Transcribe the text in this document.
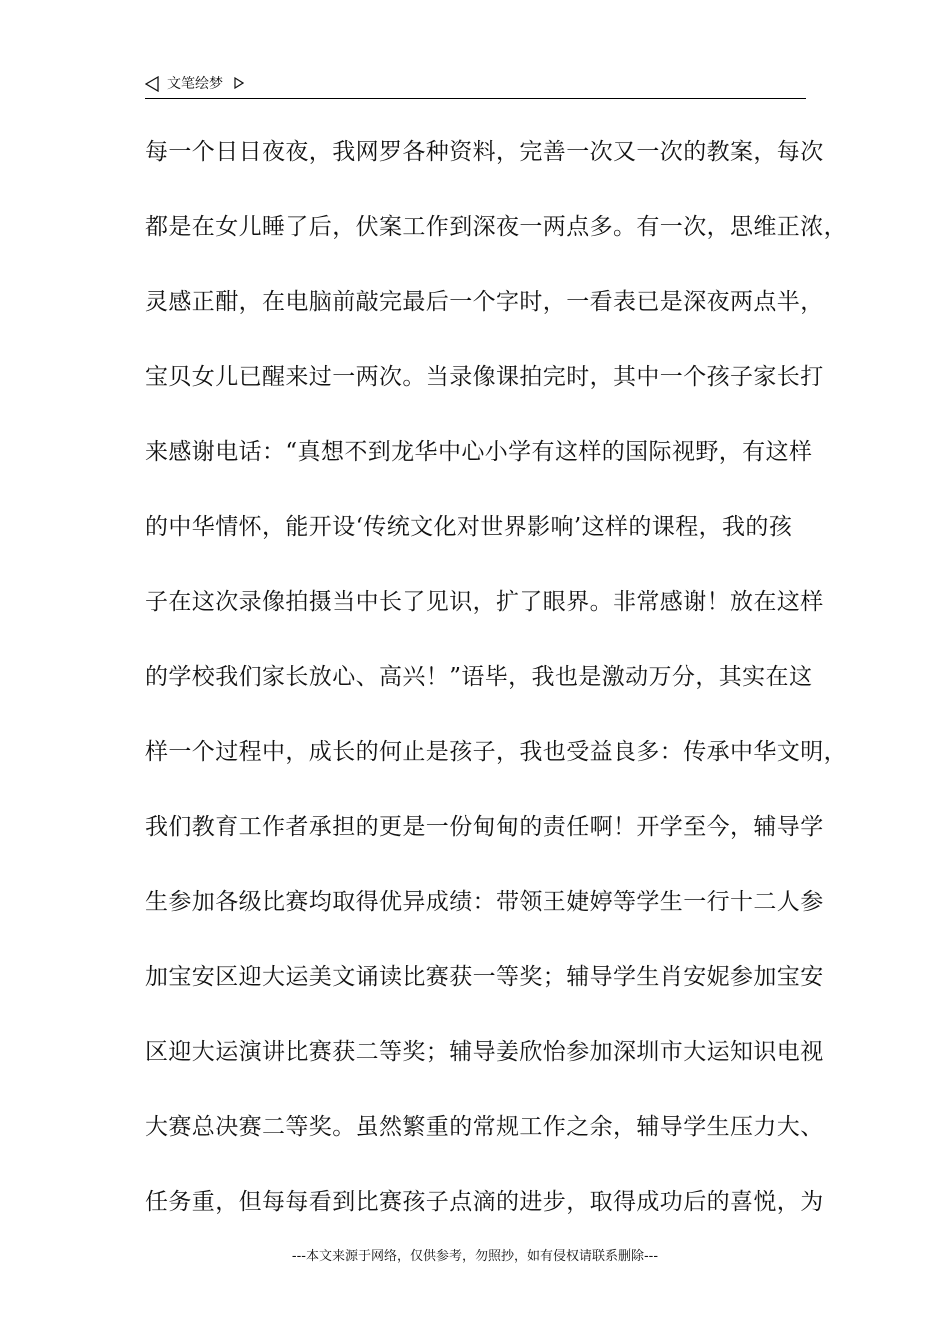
文笔绘梦
每一个日日夜夜，我网罗各种资料，完善一次又一次的教案，每次
都是在女儿睡了后，伏案工作到深夜一两点多。有一次，思维正浓，
灵感正酣，在电脑前敲完最后一个字时，一看表已是深夜两点半，
宝贝女儿已醒来过一两次。当录像课拍完时，其中一个孩子家长打
来感谢电话：“真想不到龙华中心小学有这样的国际视野，有这样
的中华情怀，能开设‘传统文化对世界影响’这样的课程，我的孩
子在这次录像拍摄当中长了见识，扩了眼界。非常感谢！放在这样
的学校我们家长放心、高兴！”语毕，我也是激动万分，其实在这
样一个过程中，成长的何止是孩子，我也受益良多：传承中华文明，
我们教育工作者承担的更是一份甸甸的责任啊！开学至今，辅导学
生参加各级比赛均取得优异成绩：带领王婕婷等学生一行十二人参
加宝安区迎大运美文诵读比赛获一等奖；辅导学生肖安妮参加宝安
区迎大运演讲比赛获二等奖；辅导姜欣怡参加深圳市大运知识电视
大赛总决赛二等奖。虽然繁重的常规工作之余，辅导学生压力大、
任务重，但每每看到比赛孩子点滴的进步，取得成功后的喜悦，为
---本文来源于网络，仅供参考，勿照抄，如有侵权请联系删除---
